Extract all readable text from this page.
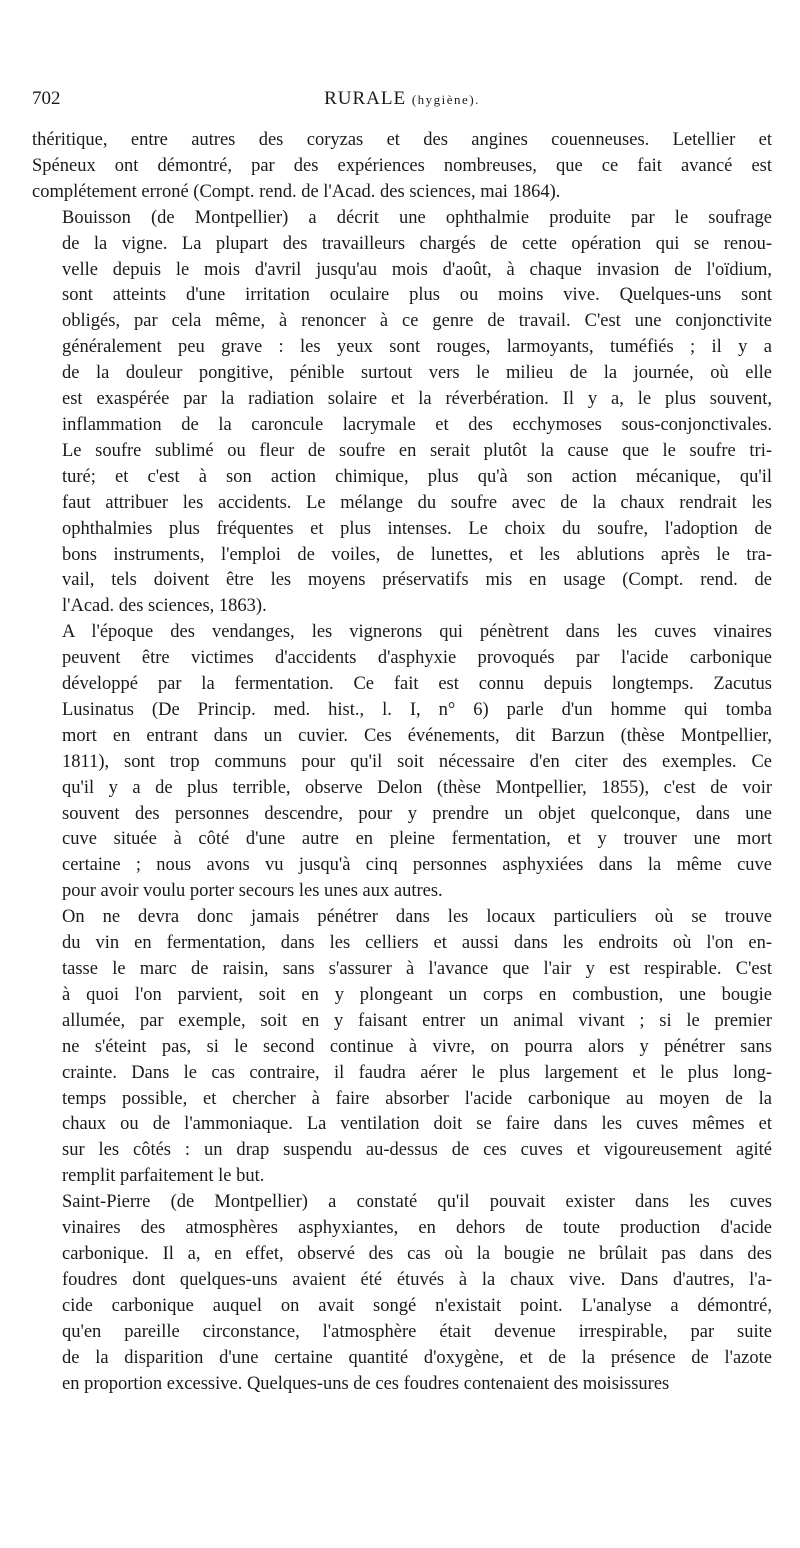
702	RURALE (hygiène).

théritique, entre autres des coryzas et des angines couenneuses. Letellier et
Spéneux ont démontré, par des expériences nombreuses, que ce fait avancé est
complétement erroné (Compt. rend. de l'Acad. des sciences, mai 1864).

Bouisson (de Montpellier) a décrit une ophthalmie produite par le soufrage
de la vigne. La plupart des travailleurs chargés de cette opération qui se renou-
velle depuis le mois d'avril jusqu'au mois d'août, à chaque invasion de l'oïdium,
sont atteints d'une irritation oculaire plus ou moins vive. Quelques-uns sont
obligés, par cela même, à renoncer à ce genre de travail. C'est une conjonctivite
généralement peu grave : les yeux sont rouges, larmoyants, tuméfiés ; il y a
de la douleur pongitive, pénible surtout vers le milieu de la journée, où elle
est exaspérée par la radiation solaire et la réverbération. Il y a, le plus souvent,
inflammation de la caroncule lacrymale et des ecchymoses sous-conjonctivales.
Le soufre sublimé ou fleur de soufre en serait plutôt la cause que le soufre tri-
turé; et c'est à son action chimique, plus qu'à son action mécanique, qu'il
faut attribuer les accidents. Le mélange du soufre avec de la chaux rendrait les
ophthalmies plus fréquentes et plus intenses. Le choix du soufre, l'adoption de
bons instruments, l'emploi de voiles, de lunettes, et les ablutions après le tra-
vail, tels doivent être les moyens préservatifs mis en usage (Compt. rend. de
l'Acad. des sciences, 1863).

A l'époque des vendanges, les vignerons qui pénètrent dans les cuves vinaires
peuvent être victimes d'accidents d'asphyxie provoqués par l'acide carbonique
développé par la fermentation. Ce fait est connu depuis longtemps. Zacutus
Lusinatus (De Princip. med. hist., l. I, n° 6) parle d'un homme qui tomba
mort en entrant dans un cuvier. Ces événements, dit Barzun (thèse Montpellier,
1811), sont trop communs pour qu'il soit nécessaire d'en citer des exemples. Ce
qu'il y a de plus terrible, observe Delon (thèse Montpellier, 1855), c'est de voir
souvent des personnes descendre, pour y prendre un objet quelconque, dans une
cuve située à côté d'une autre en pleine fermentation, et y trouver une mort
certaine ; nous avons vu jusqu'à cinq personnes asphyxiées dans la même cuve
pour avoir voulu porter secours les unes aux autres.

On ne devra donc jamais pénétrer dans les locaux particuliers où se trouve
du vin en fermentation, dans les celliers et aussi dans les endroits où l'on en-
tasse le marc de raisin, sans s'assurer à l'avance que l'air y est respirable. C'est
à quoi l'on parvient, soit en y plongeant un corps en combustion, une bougie
allumée, par exemple, soit en y faisant entrer un animal vivant ; si le premier
ne s'éteint pas, si le second continue à vivre, on pourra alors y pénétrer sans
crainte. Dans le cas contraire, il faudra aérer le plus largement et le plus long-
temps possible, et chercher à faire absorber l'acide carbonique au moyen de la
chaux ou de l'ammoniaque. La ventilation doit se faire dans les cuves mêmes et
sur les côtés : un drap suspendu au-dessus de ces cuves et vigoureusement agité
remplit parfaitement le but.

Saint-Pierre (de Montpellier) a constaté qu'il pouvait exister dans les cuves
vinaires des atmosphères asphyxiantes, en dehors de toute production d'acide
carbonique. Il a, en effet, observé des cas où la bougie ne brûlait pas dans des
foudres dont quelques-uns avaient été étuvés à la chaux vive. Dans d'autres, l'a-
cide carbonique auquel on avait songé n'existait point. L'analyse a démontré,
qu'en pareille circonstance, l'atmosphère était devenue irrespirable, par suite
de la disparition d'une certaine quantité d'oxygène, et de la présence de l'azote
en proportion excessive. Quelques-uns de ces foudres contenaient des moisissures
